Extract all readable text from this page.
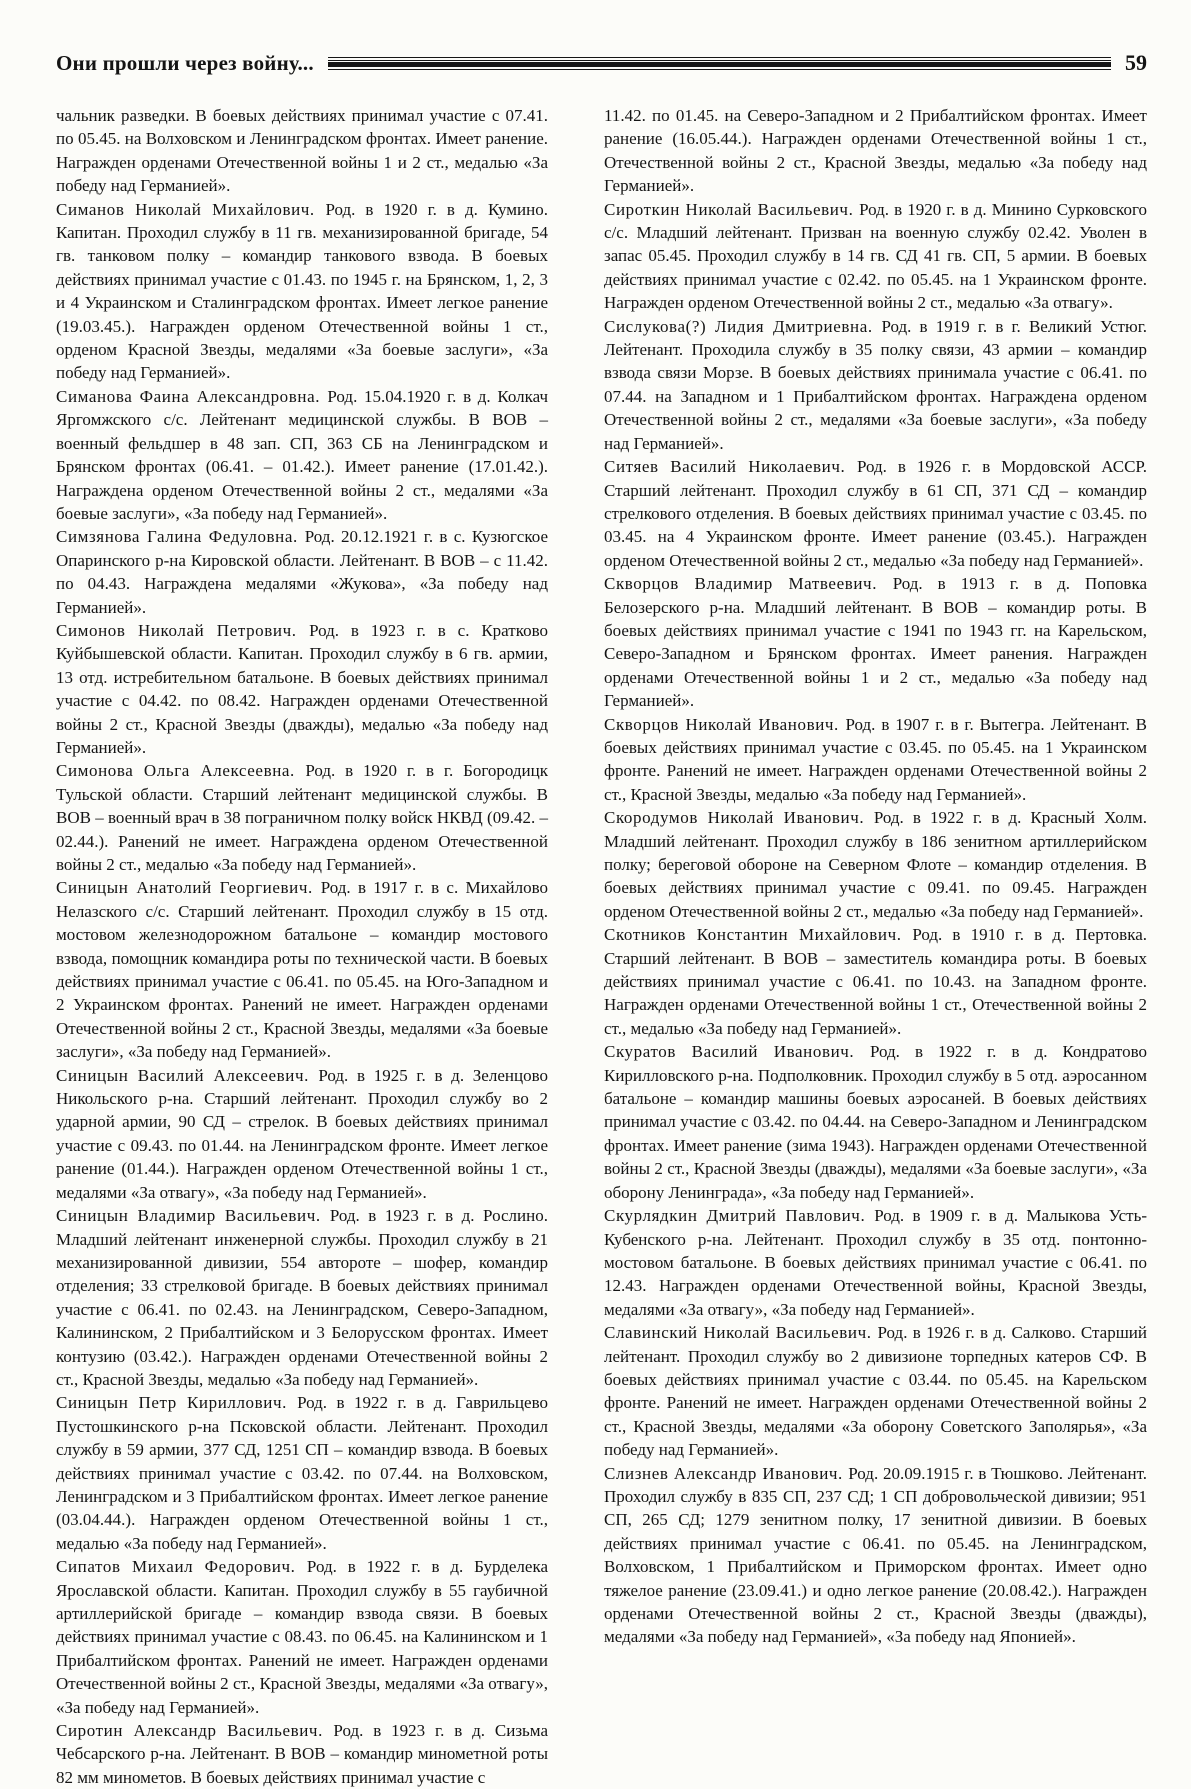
Они прошли через войну...	59

чальник разведки. В боевых действиях принимал участие с 07.41. по 05.45. на Волховском и Ленинградском фронтах. Имеет ранение. Награжден орденами Отечественной войны 1 и 2 ст., медалью «За победу над Германией».

Симанов Николай Михайлович. Род. в 1920 г. в д. Кумино. Капитан. Проходил службу в 11 гв. механизированной бригаде, 54 гв. танковом полку – командир танкового взвода. В боевых действиях принимал участие с 01.43. по 1945 г. на Брянском, 1, 2, 3 и 4 Украинском и Сталинградском фронтах. Имеет легкое ранение (19.03.45.). Награжден орденом Отечественной войны 1 ст., орденом Красной Звезды, медалями «За боевые заслуги», «За победу над Германией».

Симанова Фаина Александровна. Род. 15.04.1920 г. в д. Колкач Яргомжского с/с. Лейтенант медицинской службы. В ВОВ – военный фельдшер в 48 зап. СП, 363 СБ на Ленинградском и Брянском фронтах (06.41. – 01.42.). Имеет ранение (17.01.42.). Награждена орденом Отечественной войны 2 ст., медалями «За боевые заслуги», «За победу над Германией».

Симзянова Галина Федуловна. Род. 20.12.1921 г. в с. Кузюгское Опаринского р-на Кировской области. Лейтенант. В ВОВ – с 11.42. по 04.43. Награждена медалями «Жукова», «За победу над Германией».

Симонов Николай Петрович. Род. в 1923 г. в с. Кратково Куйбышевской области. Капитан. Проходил службу в 6 гв. армии, 13 отд. истребительном батальоне. В боевых действиях принимал участие с 04.42. по 08.42. Награжден орденами Отечественной войны 2 ст., Красной Звезды (дважды), медалью «За победу над Германией».

Симонова Ольга Алексеевна. Род. в 1920 г. в г. Богородицк Тульской области. Старший лейтенант медицинской службы. В ВОВ – военный врач в 38 пограничном полку войск НКВД (09.42. – 02.44.). Ранений не имеет. Награждена орденом Отечественной войны 2 ст., медалью «За победу над Германией».

Синицын Анатолий Георгиевич. Род. в 1917 г. в с. Михайлово Нелазского с/с. Старший лейтенант. Проходил службу в 15 отд. мостовом железнодорожном батальоне – командир мостового взвода, помощник командира роты по технической части. В боевых действиях принимал участие с 06.41. по 05.45. на Юго-Западном и 2 Украинском фронтах. Ранений не имеет. Награжден орденами Отечественной войны 2 ст., Красной Звезды, медалями «За боевые заслуги», «За победу над Германией».

Синицын Василий Алексеевич. Род. в 1925 г. в д. Зеленцово Никольского р-на. Старший лейтенант. Проходил службу во 2 ударной армии, 90 СД – стрелок. В боевых действиях принимал участие с 09.43. по 01.44. на Ленинградском фронте. Имеет легкое ранение (01.44.). Награжден орденом Отечественной войны 1 ст., медалями «За отвагу», «За победу над Германией».

Синицын Владимир Васильевич. Род. в 1923 г. в д. Рослино. Младший лейтенант инженерной службы. Проходил службу в 21 механизированной дивизии, 554 автороте – шофер, командир отделения; 33 стрелковой бригаде. В боевых действиях принимал участие с 06.41. по 02.43. на Ленинградском, Северо-Западном, Калининском, 2 Прибалтийском и 3 Белорусском фронтах. Имеет контузию (03.42.). Награжден орденами Отечественной войны 2 ст., Красной Звезды, медалью «За победу над Германией».

Синицын Петр Кириллович. Род. в 1922 г. в д. Гаврильцево Пустошкинского р-на Псковской области. Лейтенант. Проходил службу в 59 армии, 377 СД, 1251 СП – командир взвода. В боевых действиях принимал участие с 03.42. по 07.44. на Волховском, Ленинградском и 3 Прибалтийском фронтах. Имеет легкое ранение (03.04.44.). Награжден орденом Отечественной войны 1 ст., медалью «За победу над Германией».

Сипатов Михаил Федорович. Род. в 1922 г. в д. Бурделека Ярославской области. Капитан. Проходил службу в 55 гаубичной артиллерийской бригаде – командир взвода связи. В боевых действиях принимал участие с 08.43. по 06.45. на Калининском и 1 Прибалтийском фронтах. Ранений не имеет. Награжден орденами Отечественной войны 2 ст., Красной Звезды, медалями «За отвагу», «За победу над Германией».

Сиротин Александр Васильевич. Род. в 1923 г. в д. Сизьма Чебсарского р-на. Лейтенант. В ВОВ – командир минометной роты 82 мм минометов. В боевых действиях принимал участие с

11.42. по 01.45. на Северо-Западном и 2 Прибалтийском фронтах. Имеет ранение (16.05.44.). Награжден орденами Отечественной войны 1 ст., Отечественной войны 2 ст., Красной Звезды, медалью «За победу над Германией».

Сироткин Николай Васильевич. Род. в 1920 г. в д. Минино Сурковского с/с. Младший лейтенант. Призван на военную службу 02.42. Уволен в запас 05.45. Проходил службу в 14 гв. СД 41 гв. СП, 5 армии. В боевых действиях принимал участие с 02.42. по 05.45. на 1 Украинском фронте. Награжден орденом Отечественной войны 2 ст., медалью «За отвагу».

Сислукова(?) Лидия Дмитриевна. Род. в 1919 г. в г. Великий Устюг. Лейтенант. Проходила службу в 35 полку связи, 43 армии – командир взвода связи Морзе. В боевых действиях принимала участие с 06.41. по 07.44. на Западном и 1 Прибалтийском фронтах. Награждена орденом Отечественной войны 2 ст., медалями «За боевые заслуги», «За победу над Германией».

Ситяев Василий Николаевич. Род. в 1926 г. в Мордовской АССР. Старший лейтенант. Проходил службу в 61 СП, 371 СД – командир стрелкового отделения. В боевых действиях принимал участие с 03.45. по 03.45. на 4 Украинском фронте. Имеет ранение (03.45.). Награжден орденом Отечественной войны 2 ст., медалью «За победу над Германией».

Скворцов Владимир Матвеевич. Род. в 1913 г. в д. Поповка Белозерского р-на. Младший лейтенант. В ВОВ – командир роты. В боевых действиях принимал участие с 1941 по 1943 гг. на Карельском, Северо-Западном и Брянском фронтах. Имеет ранения. Награжден орденами Отечественной войны 1 и 2 ст., медалью «За победу над Германией».

Скворцов Николай Иванович. Род. в 1907 г. в г. Вытегра. Лейтенант. В боевых действиях принимал участие с 03.45. по 05.45. на 1 Украинском фронте. Ранений не имеет. Награжден орденами Отечественной войны 2 ст., Красной Звезды, медалью «За победу над Германией».

Скородумов Николай Иванович. Род. в 1922 г. в д. Красный Холм. Младший лейтенант. Проходил службу в 186 зенитном артиллерийском полку; береговой обороне на Северном Флоте – командир отделения. В боевых действиях принимал участие с 09.41. по 09.45. Награжден орденом Отечественной войны 2 ст., медалью «За победу над Германией».

Скотников Константин Михайлович. Род. в 1910 г. в д. Пертовка. Старший лейтенант. В ВОВ – заместитель командира роты. В боевых действиях принимал участие с 06.41. по 10.43. на Западном фронте. Награжден орденами Отечественной войны 1 ст., Отечественной войны 2 ст., медалью «За победу над Германией».

Скуратов Василий Иванович. Род. в 1922 г. в д. Кондратово Кирилловского р-на. Подполковник. Проходил службу в 5 отд. аэросанном батальоне – командир машины боевых аэросаней. В боевых действиях принимал участие с 03.42. по 04.44. на Северо-Западном и Ленинградском фронтах. Имеет ранение (зима 1943). Награжден орденами Отечественной войны 2 ст., Красной Звезды (дважды), медалями «За боевые заслуги», «За оборону Ленинграда», «За победу над Германией».

Скурлядкин Дмитрий Павлович. Род. в 1909 г. в д. Малыкова Усть-Кубенского р-на. Лейтенант. Проходил службу в 35 отд. понтонно-мостовом батальоне. В боевых действиях принимал участие с 06.41. по 12.43. Награжден орденами Отечественной войны, Красной Звезды, медалями «За отвагу», «За победу над Германией».

Славинский Николай Васильевич. Род. в 1926 г. в д. Салково. Старший лейтенант. Проходил службу во 2 дивизионе торпедных катеров СФ. В боевых действиях принимал участие с 03.44. по 05.45. на Карельском фронте. Ранений не имеет. Награжден орденами Отечественной войны 2 ст., Красной Звезды, медалями «За оборону Советского Заполярья», «За победу над Германией».

Слизнев Александр Иванович. Род. 20.09.1915 г. в Тюшково. Лейтенант. Проходил службу в 835 СП, 237 СД; 1 СП добровольческой дивизии; 951 СП, 265 СД; 1279 зенитном полку, 17 зенитной дивизии. В боевых действиях принимал участие с 06.41. по 05.45. на Ленинградском, Волховском, 1 Прибалтийском и Приморском фронтах. Имеет одно тяжелое ранение (23.09.41.) и одно легкое ранение (20.08.42.). Награжден орденами Отечественной войны 2 ст., Красной Звезды (дважды), медалями «За победу над Германией», «За победу над Японией».
